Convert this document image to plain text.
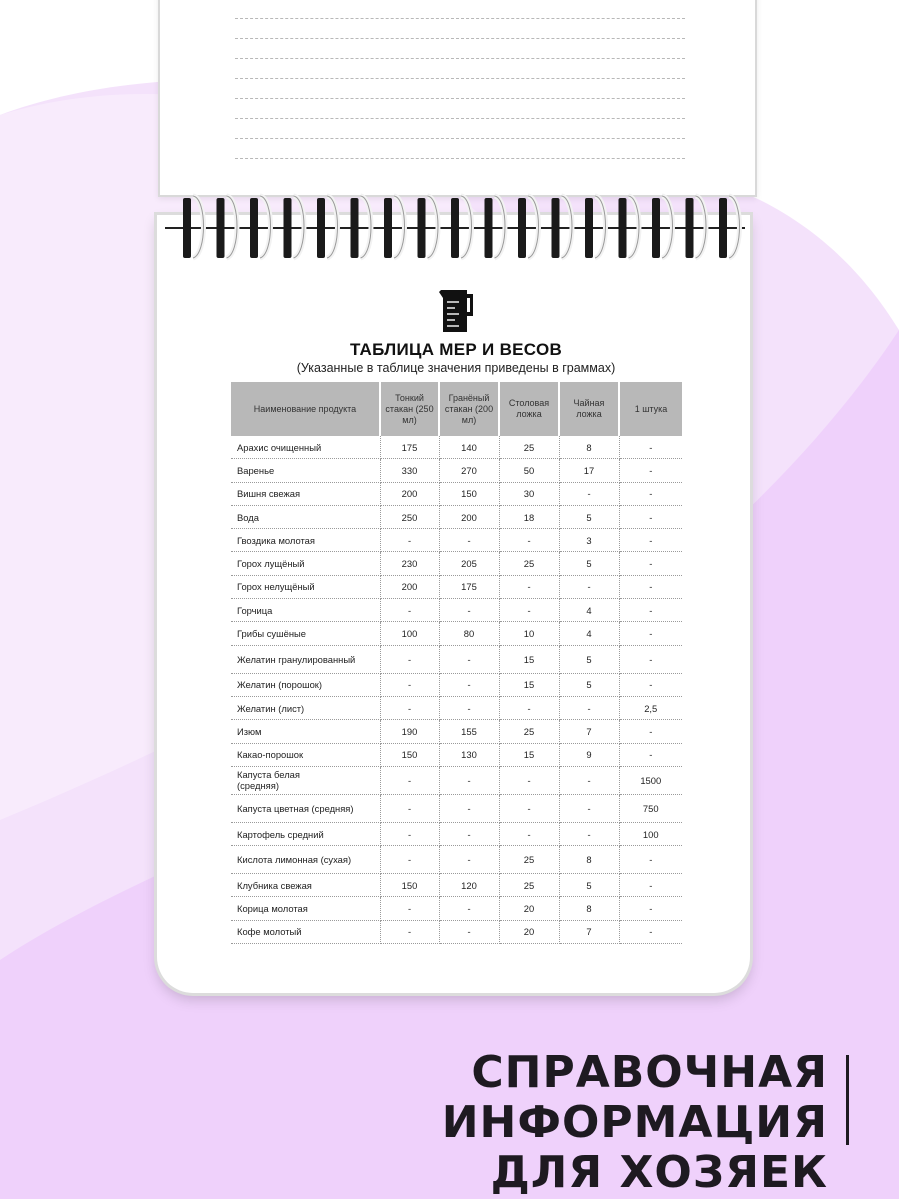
ТАБЛИЦА МЕР И ВЕСОВ
(Указанные в таблице значения приведены в граммах)
Наименование продукта	Тонкий стакан (250 мл)	Гранёный стакан (200 мл)	Столовая ложка	Чайная ложка	1 штука
Арахис очищенный	175	140	25	8	-
Варенье	330	270	50	17	-
Вишня свежая	200	150	30	-	-
Вода	250	200	18	5	-
Гвоздика молотая	-	-	-	3	-
Горох лущёный	230	205	25	5	-
Горох нелущёный	200	175	-	-	-
Горчица	-	-	-	4	-
Грибы сушёные	100	80	10	4	-
Желатин гранулированный	-	-	15	5	-
Желатин (порошок)	-	-	15	5	-
Желатин (лист)	-	-	-	-	2,5
Изюм	190	155	25	7	-
Какао-порошок	150	130	15	9	-
Капуста белая (средняя)	-	-	-	-	1500
Капуста цветная (средняя)	-	-	-	-	750
Картофель средний	-	-	-	-	100
Кислота лимонная (сухая)	-	-	25	8	-
Клубника свежая	150	120	25	5	-
Корица молотая	-	-	20	8	-
Кофе молотый	-	-	20	7	-
СПРАВОЧНАЯ ИНФОРМАЦИЯ
ДЛЯ ХОЗЯЕК
